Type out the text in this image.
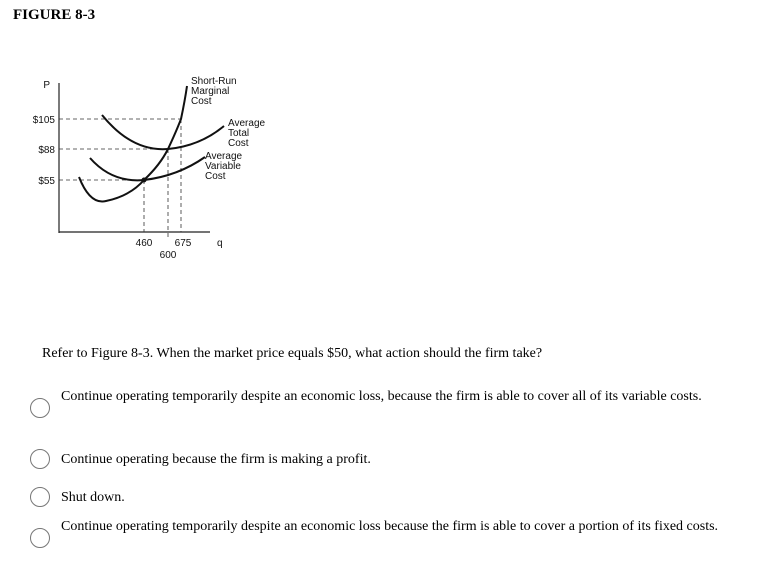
FIGURE 8-3
P
$105
$88
$55
460
600
675	q
Short-Run
Marginal
Cost
Average
Total
Cost
Average
Variable
Cost
Refer to Figure 8-3. When the market price equals $50, what action should the firm take?
Continue operating temporarily despite an economic loss, because the firm is able to cover all of its variable costs.
Continue operating because the firm is making a profit.
Shut down.
Continue operating temporarily despite an economic loss because the firm is able to cover a portion of its fixed costs.
